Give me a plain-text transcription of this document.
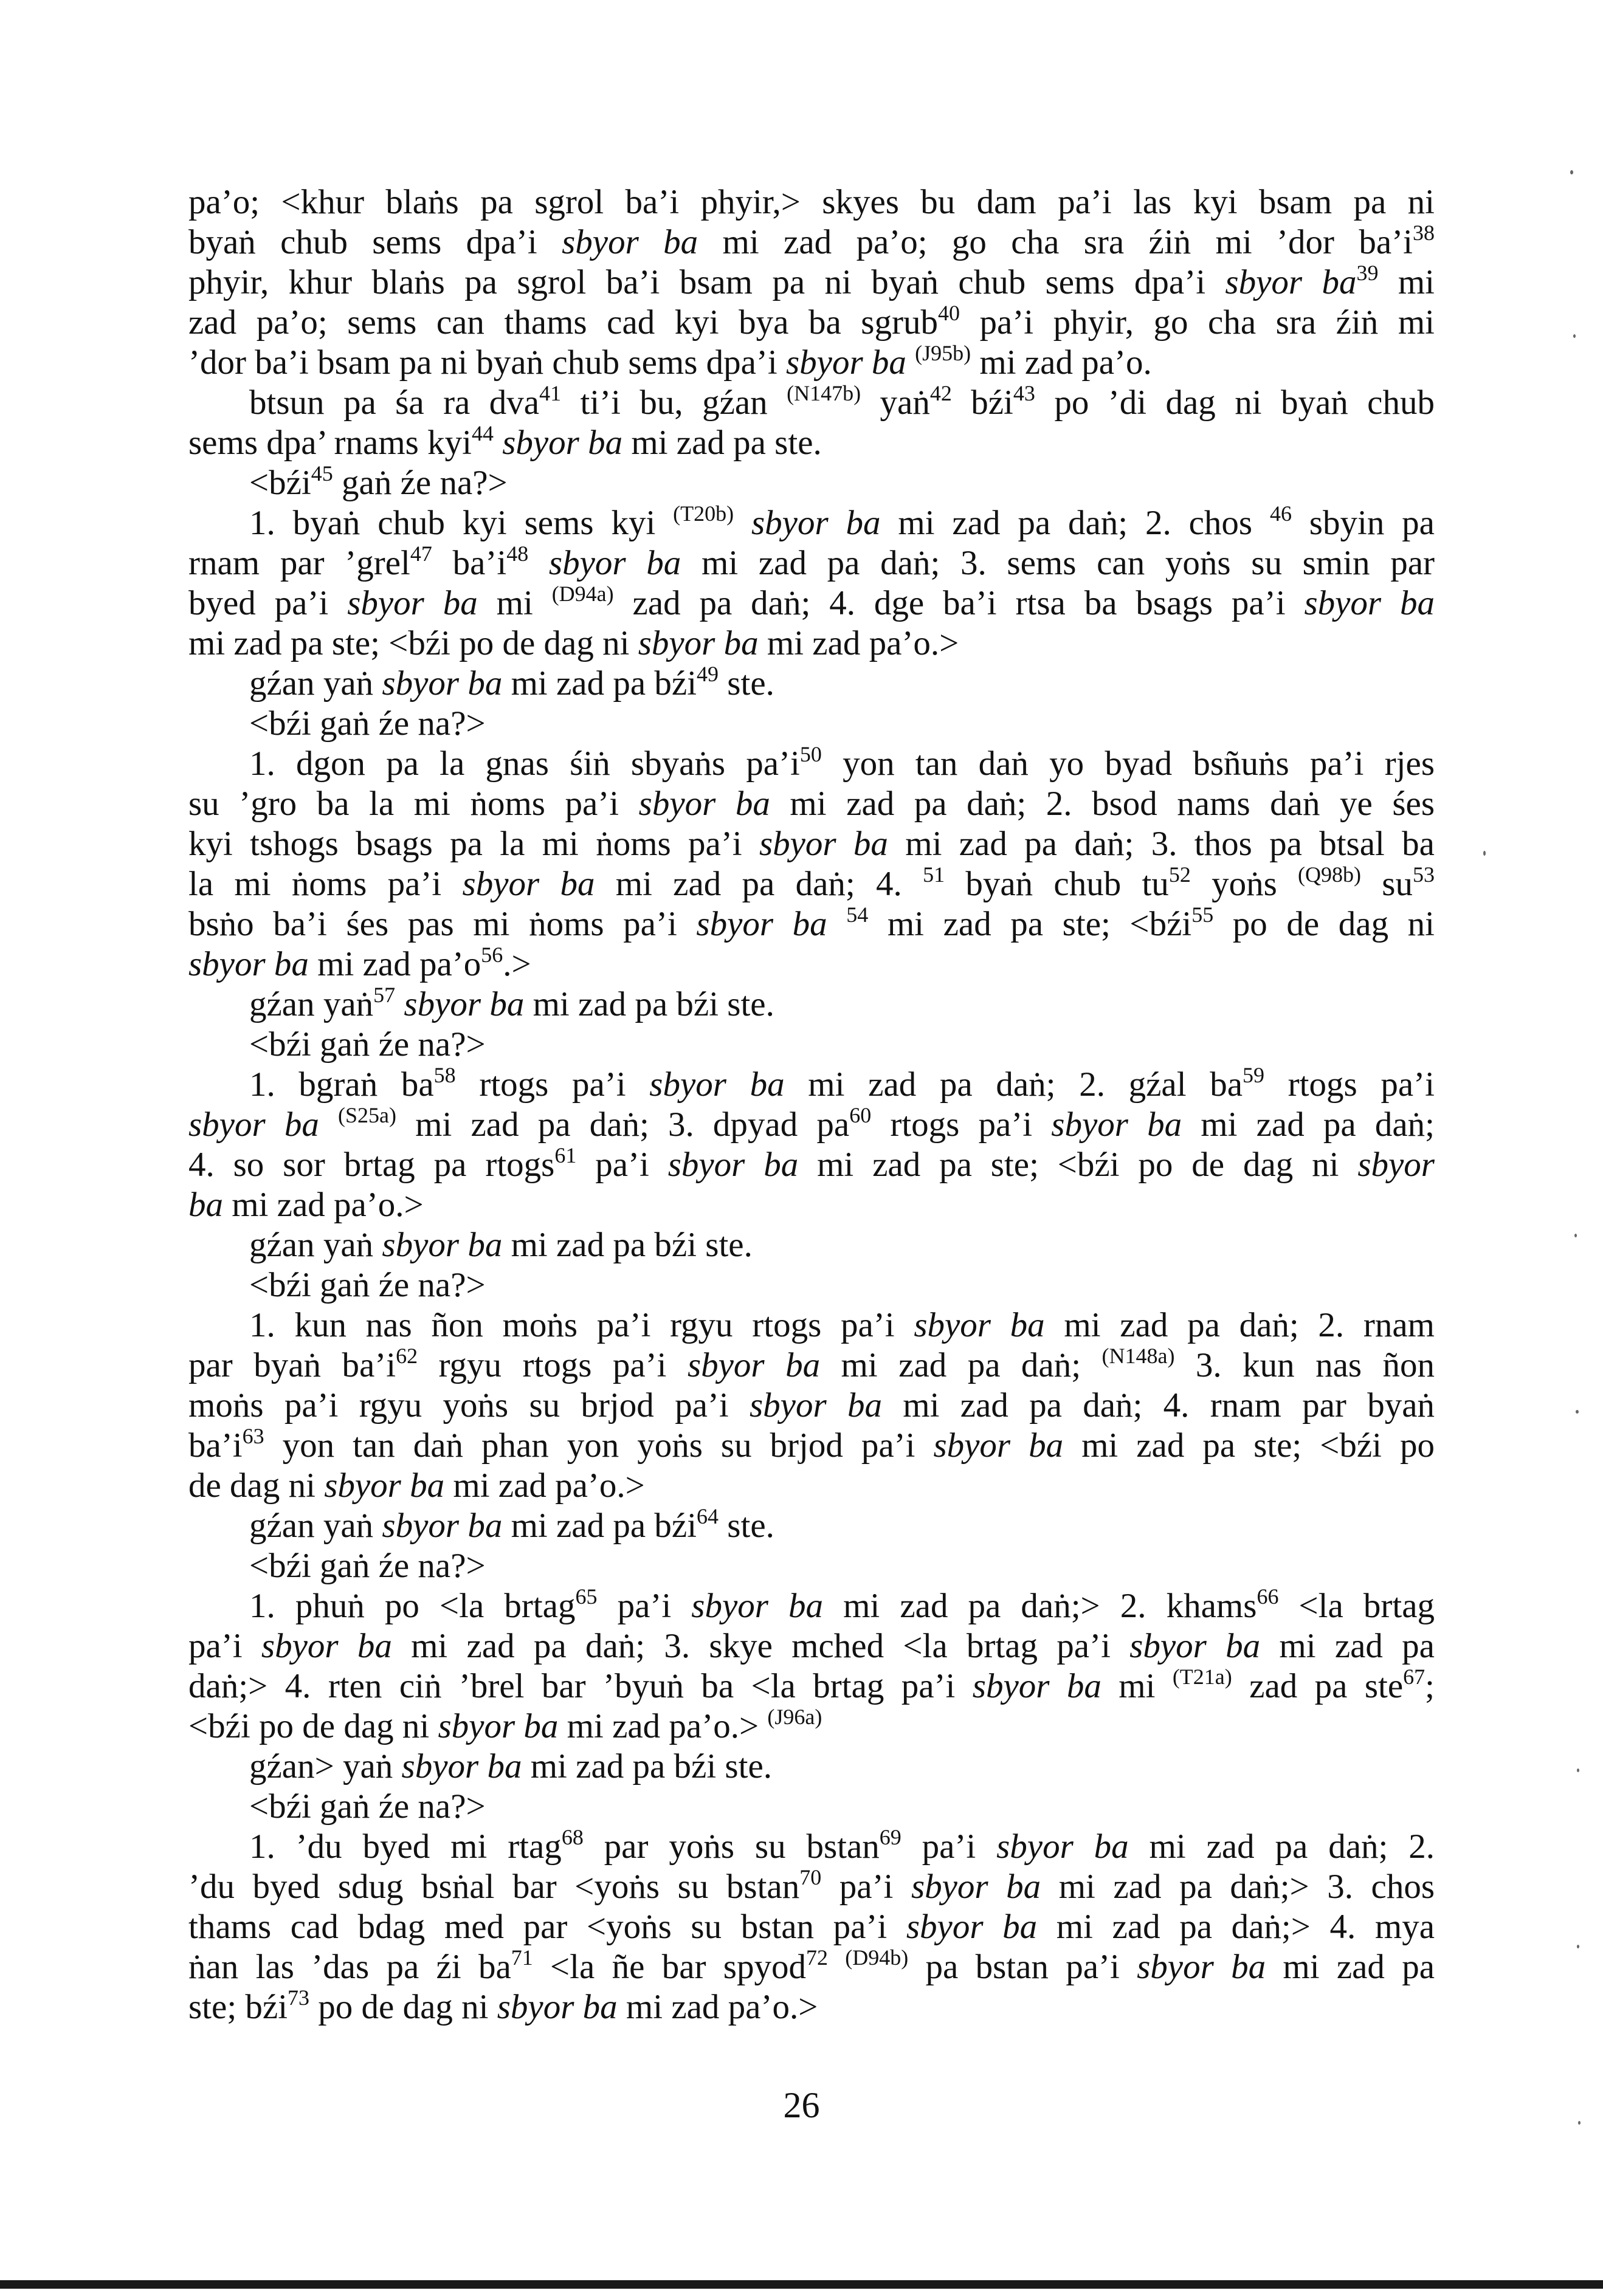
pa’o; ˂khur blaṅs pa sgrol ba’i phyir,˃ skyes bu dam pa’i las kyi bsam pa ni
byaṅ chub sems dpa’i sbyor ba mi zad pa’o; go cha sra źiṅ mi ’dor $ba’i^{38}$
phyir, khur blaṅs pa sgrol ba’i bsam pa ni byaṅ chub sems dpa’i sbyor $ba^{39}$ mi
zad pa’o; sems can thams cad kyi bya ba sgrub$^{40}$ pa’i phyir, go cha sra źiṅ mi
’dor ba’i bsam pa ni byaṅ chub sems dpa’i sbyor ba $^{(J95b)}$ mi zad pa’o.
btsun pa śa ra dva$^{41}$ ti’i bu, gźan $^{(N147b)}$ yaṅ$^{42}$ bźi$^{43}$ po ’di dag ni byaṅ chub
sems dpa’ rnams kyi$^{44}$ sbyor ba mi zad pa ste.
˂bźi$^{45}$ gaṅ źe na?˃
1. byaṅ chub kyi sems kyi $^{(T20b)}$ sbyor ba mi zad pa daṅ; 2. chos $^{46}$ sbyin pa
rnam par ’grel$^{47}$ $ba’i^{48}$ sbyor ba mi zad pa daṅ; 3. sems can yoṅs su smin par
byed pa’i sbyor ba mi $^{(D94a)}$ zad pa daṅ; 4. dge ba’i rtsa ba bsags pa’i sbyor ba
mi zad pa ste; ˂bźi po de dag ni sbyor ba mi zad pa’o.˃
gźan yaṅ sbyor ba mi zad pa bźi$^{49}$ ste.
˂bźi gaṅ źe na?˃
1. dgon pa la gnas śiṅ sbyaṅs $pa’i^{50}$ yon tan daṅ yo byad bsñuṅs pa’i rjes
su ’gro ba la mi ṅoms pa’i sbyor ba mi zad pa daṅ; 2. bsod nams daṅ ye śes
kyi tshogs bsags pa la mi ṅoms pa’i sbyor ba mi zad pa daṅ; 3. thos pa btsal ba
la mi ṅoms pa’i sbyor ba mi zad pa daṅ; 4. $^{51}$ byaṅ chub $tu^{52}$ yoṅs $^{(Q98b)}$ $su^{53}$
bsṅo ba’i śes pas mi ṅoms pa’i sbyor ba $^{54}$ mi zad pa ste; ˂bźi$^{55}$ po de dag ni
sbyor ba mi zad $pa’o^{56}.˃$
gźan yaṅ$^{57}$ sbyor ba mi zad pa bźi ste.
˂bźi gaṅ źe na?˃
1. bgraṅ $ba^{58}$ rtogs pa’i sbyor ba mi zad pa daṅ; 2. gźal $ba^{59}$ rtogs pa’i
sbyor ba $^{(S25a)}$ mi zad pa daṅ; 3. dpyad $pa^{60}$ rtogs pa’i sbyor ba mi zad pa daṅ;
4. so sor brtag pa rtogs$^{61}$ pa’i sbyor ba mi zad pa ste; ˂bźi po de dag ni sbyor
ba mi zad pa’o.˃
gźan yaṅ sbyor ba mi zad pa bźi ste.
˂bźi gaṅ źe na?˃
1. kun nas ñon moṅs pa’i rgyu rtogs pa’i sbyor ba mi zad pa daṅ; 2. rnam
par byaṅ $ba’i^{62}$ rgyu rtogs pa’i sbyor ba mi zad pa daṅ; $^{(N148a)}$ 3. kun nas ñon
moṅs pa’i rgyu yoṅs su brjod pa’i sbyor ba mi zad pa daṅ; 4. rnam par byaṅ
$ba’i^{63}$ yon tan daṅ phan yon yoṅs su brjod pa’i sbyor ba mi zad pa ste; ˂bźi po
de dag ni sbyor ba mi zad pa’o.˃
gźan yaṅ sbyor ba mi zad pa bźi$^{64}$ ste.
˂bźi gaṅ źe na?˃
1. phuṅ po ˂la brtag$^{65}$ pa’i sbyor ba mi zad pa daṅ;˃ 2. khams$^{66}$ ˂la brtag
pa’i sbyor ba mi zad pa daṅ; 3. skye mched ˂la brtag pa’i sbyor ba mi zad pa
daṅ;˃ 4. rten ciṅ ’brel bar ’byuṅ ba ˂la brtag pa’i sbyor ba mi $^{(T21a)}$ zad pa ste$^{67}$;
˂bźi po de dag ni sbyor ba mi zad pa’o.˃ $^{(J96a)}$
gźan˃ yaṅ sbyor ba mi zad pa bźi ste.
˂bźi gaṅ źe na?˃
1. ’du byed mi rtag$^{68}$ par yoṅs su bstan$^{69}$ pa’i sbyor ba mi zad pa daṅ; 2.
’du byed sdug bsṅal bar ˂yoṅs su bstan$^{70}$ pa’i sbyor ba mi zad pa daṅ;˃ 3. chos
thams cad bdag med par ˂yoṅs su bstan pa’i sbyor ba mi zad pa daṅ;˃ 4. mya
ṅan las ’das pa źi $ba^{71}$ ˂la ñe bar spyod$^{72}$ $^{(D94b)}$ pa bstan pa’i sbyor ba mi zad pa
ste; bźi$^{73}$ po de dag ni sbyor ba mi zad pa’o.˃
26
